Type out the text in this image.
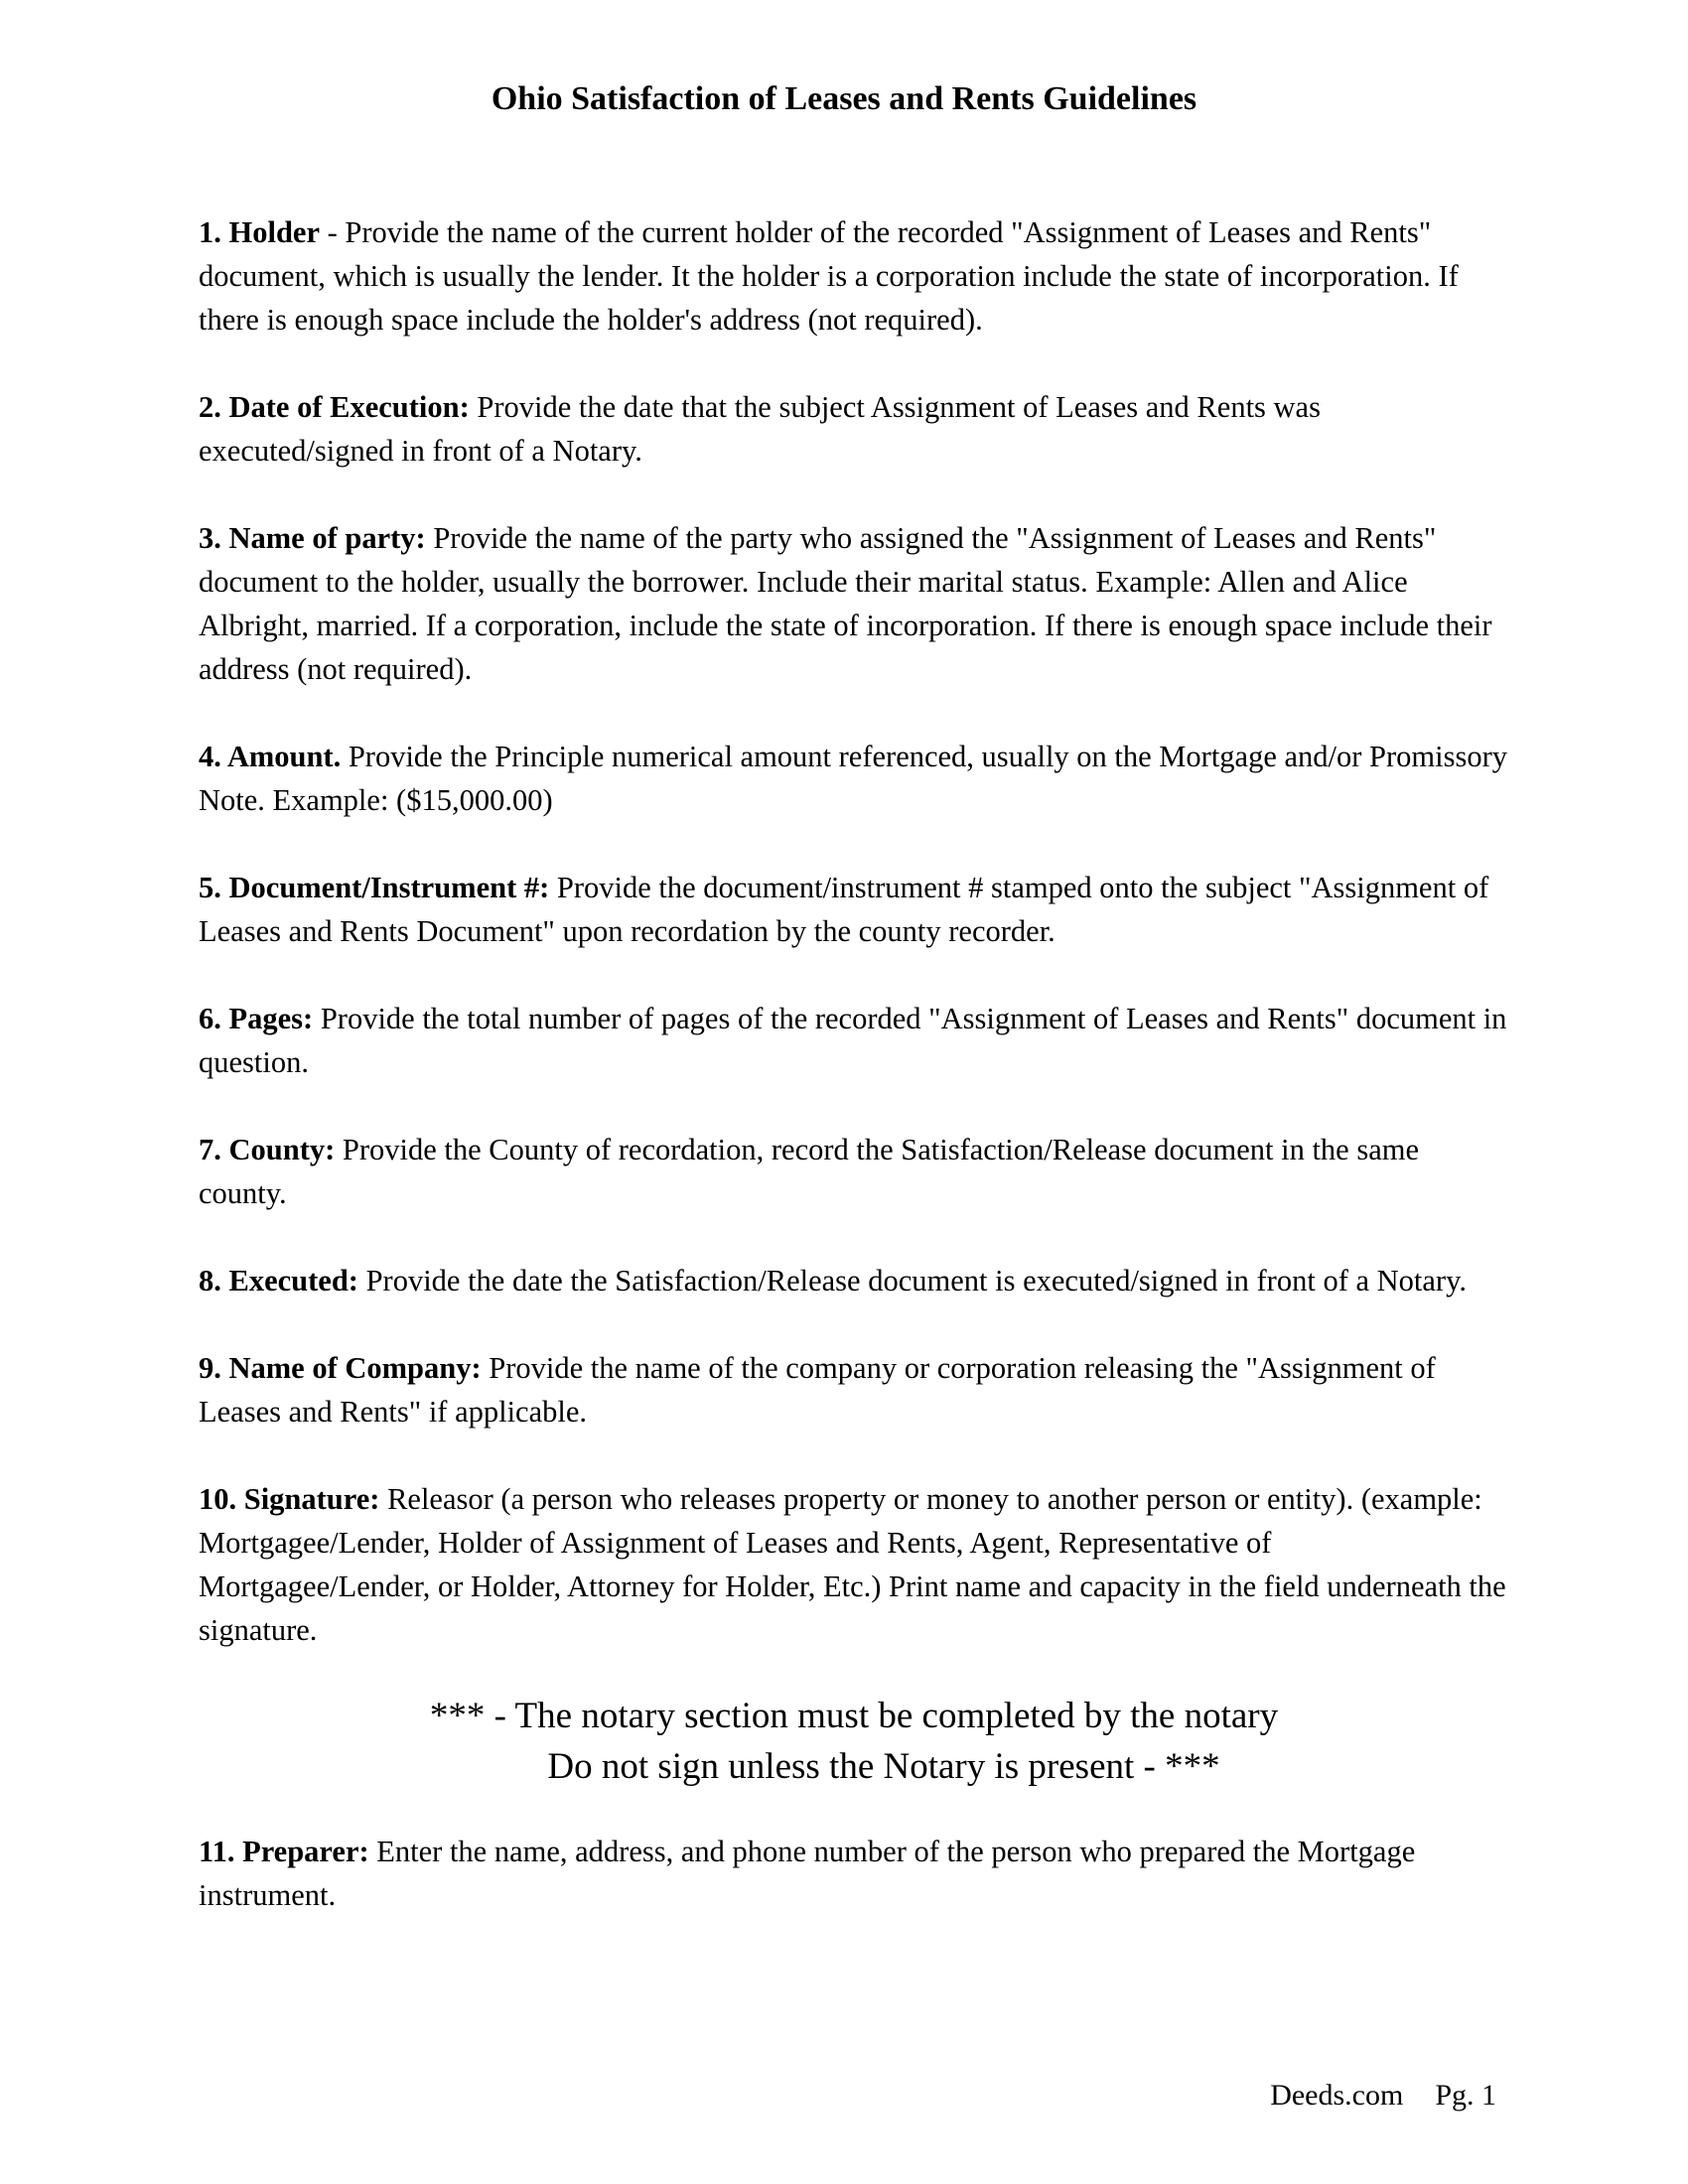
Ohio Satisfaction of Leases and Rents Guidelines

1. Holder - Provide the name of the current holder of the recorded "Assignment of Leases and Rents" document, which is usually the lender. It the holder is a corporation include the state of incorporation. If there is enough space include the holder's address (not required).

2. Date of Execution: Provide the date that the subject Assignment of Leases and Rents was executed/signed in front of a Notary.

3. Name of party: Provide the name of the party who assigned the "Assignment of Leases and Rents" document to the holder, usually the borrower. Include their marital status. Example: Allen and Alice Albright, married. If a corporation, include the state of incorporation. If there is enough space include their address (not required).

4. Amount. Provide the Principle numerical amount referenced, usually on the Mortgage and/or Promissory Note. Example: ($15,000.00)

5. Document/Instrument #: Provide the document/instrument # stamped onto the subject "Assignment of Leases and Rents Document" upon recordation by the county recorder.

6. Pages: Provide the total number of pages of the recorded "Assignment of Leases and Rents" document in question.

7. County: Provide the County of recordation, record the Satisfaction/Release document in the same county.

8. Executed: Provide the date the Satisfaction/Release document is executed/signed in front of a Notary.

9. Name of Company: Provide the name of the company or corporation releasing the "Assignment of Leases and Rents" if applicable.

10. Signature: Releasor (a person who releases property or money to another person or entity). (example: Mortgagee/Lender, Holder of Assignment of Leases and Rents, Agent, Representative of Mortgagee/Lender, or Holder, Attorney for Holder, Etc.) Print name and capacity in the field underneath the signature.

*** - The notary section must be completed by the notary
Do not sign unless the Notary is present - ***

11. Preparer: Enter the name, address, and phone number of the person who prepared the Mortgage instrument.

Deeds.com Pg. 1
